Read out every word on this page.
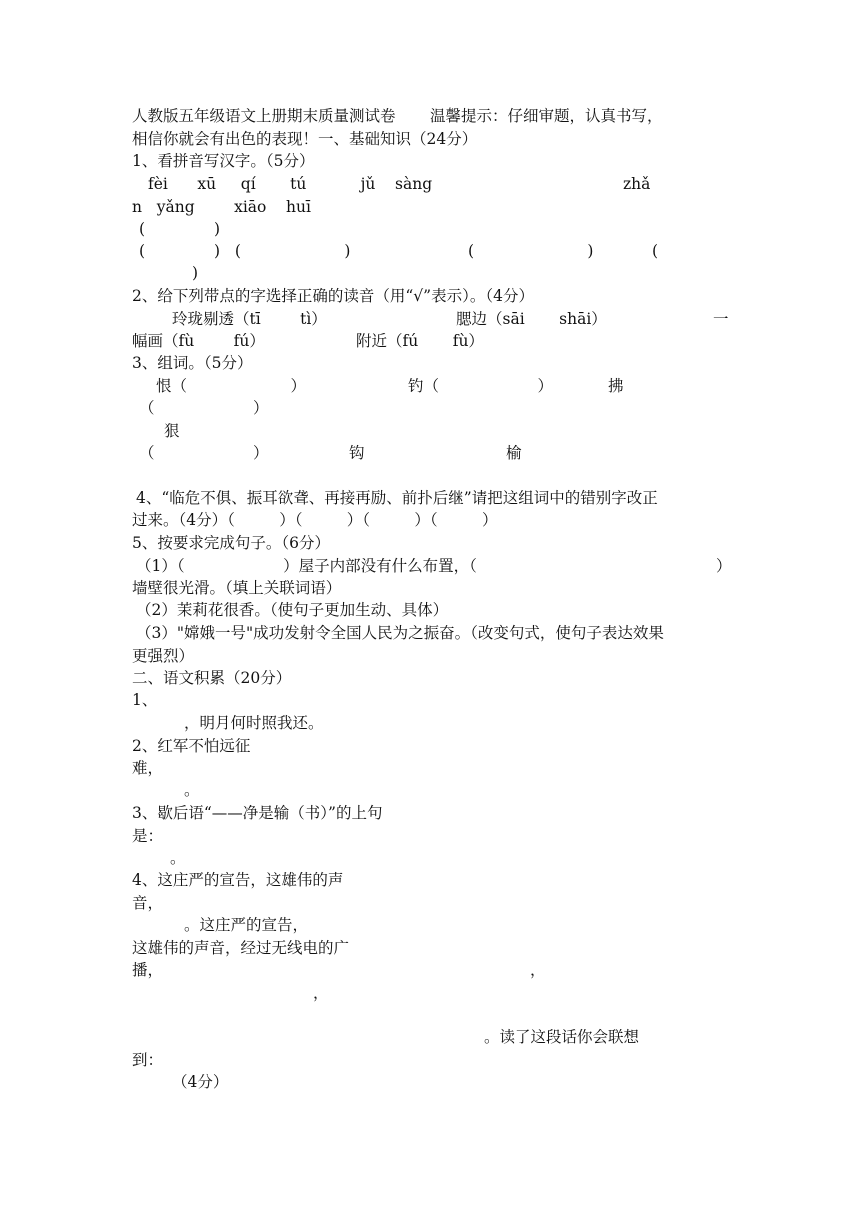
人教版五年级语文上册期末质量测试卷       温馨提示：仔细审题，认真书写，
相信你就会有出色的表现！一、基础知识（24分）
1、看拼音写汉字。（5分）
fèi      xū     qí       tú           jǔ    sàng	zhǎ
n   yǎng        xiāo    huī
(              )
(              )   (                     )	(                       )	(
)
2、给下列带点的字选择正确的读音（用“√”表示）。（4分）
玲珑剔透（tī        tì）	腮边（sāi       shāi）	一
幅画（fù        fú）	附近（fú       fù）
3、组词。（5分）
恨（                     ）	钓（                    ）	拂
（                    ）
狠
（                    ）	钩	榆
4、“临危不俱、振耳欲聋、再接再励、前扑后继”请把这组词中的错别字改正
过来。（4分）（         ）（         ）（         ）（         ）
5、按要求完成句子。（6分）
（1）（                    ）屋子内部没有什么布置，（	）
墙壁很光滑。（填上关联词语）
（2）茉莉花很香。（使句子更加生动、具体）
（3）"嫦娥一号"成功发射令全国人民为之振奋。（改变句式，使句子表达效果
更强烈）
二、语文积累（20分）
1、
，明月何时照我还。
2、红军不怕远征
难，
。
3、歇后语“——净是输（书）”的上句
是：
。
4、这庄严的宣告，这雄伟的声
音，
。这庄严的宣告，
这雄伟的声音，经过无线电的广
播，	，
，
。读了这段话你会联想
到：
（4分）
